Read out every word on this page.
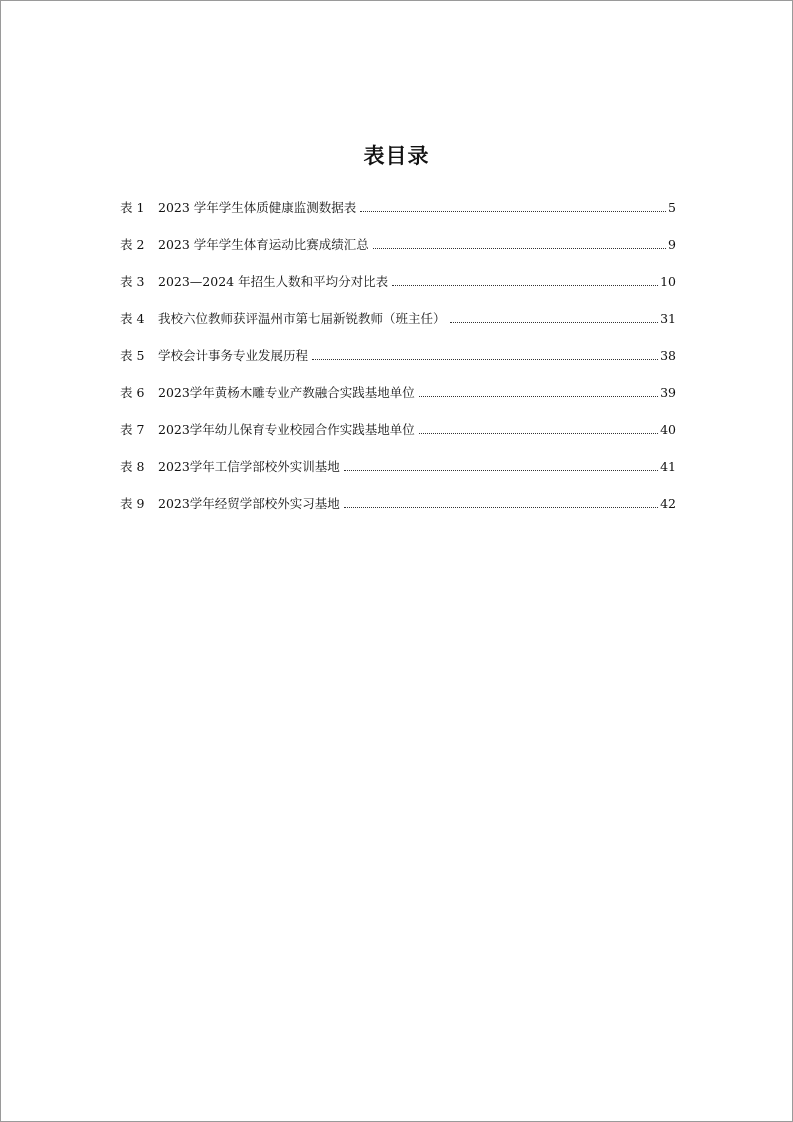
表目录
表 1	2023 学年学生体质健康监测数据表	5
表 2	2023 学年学生体育运动比赛成绩汇总	9
表 3	2023—2024 年招生人数和平均分对比表	10
表 4	我校六位教师获评温州市第七届新锐教师（班主任）	31
表 5	学校会计事务专业发展历程	38
表 6	2023学年黄杨木雕专业产教融合实践基地单位	39
表 7	2023学年幼儿保育专业校园合作实践基地单位	40
表 8	2023学年工信学部校外实训基地	41
表 9	2023学年经贸学部校外实习基地	42
